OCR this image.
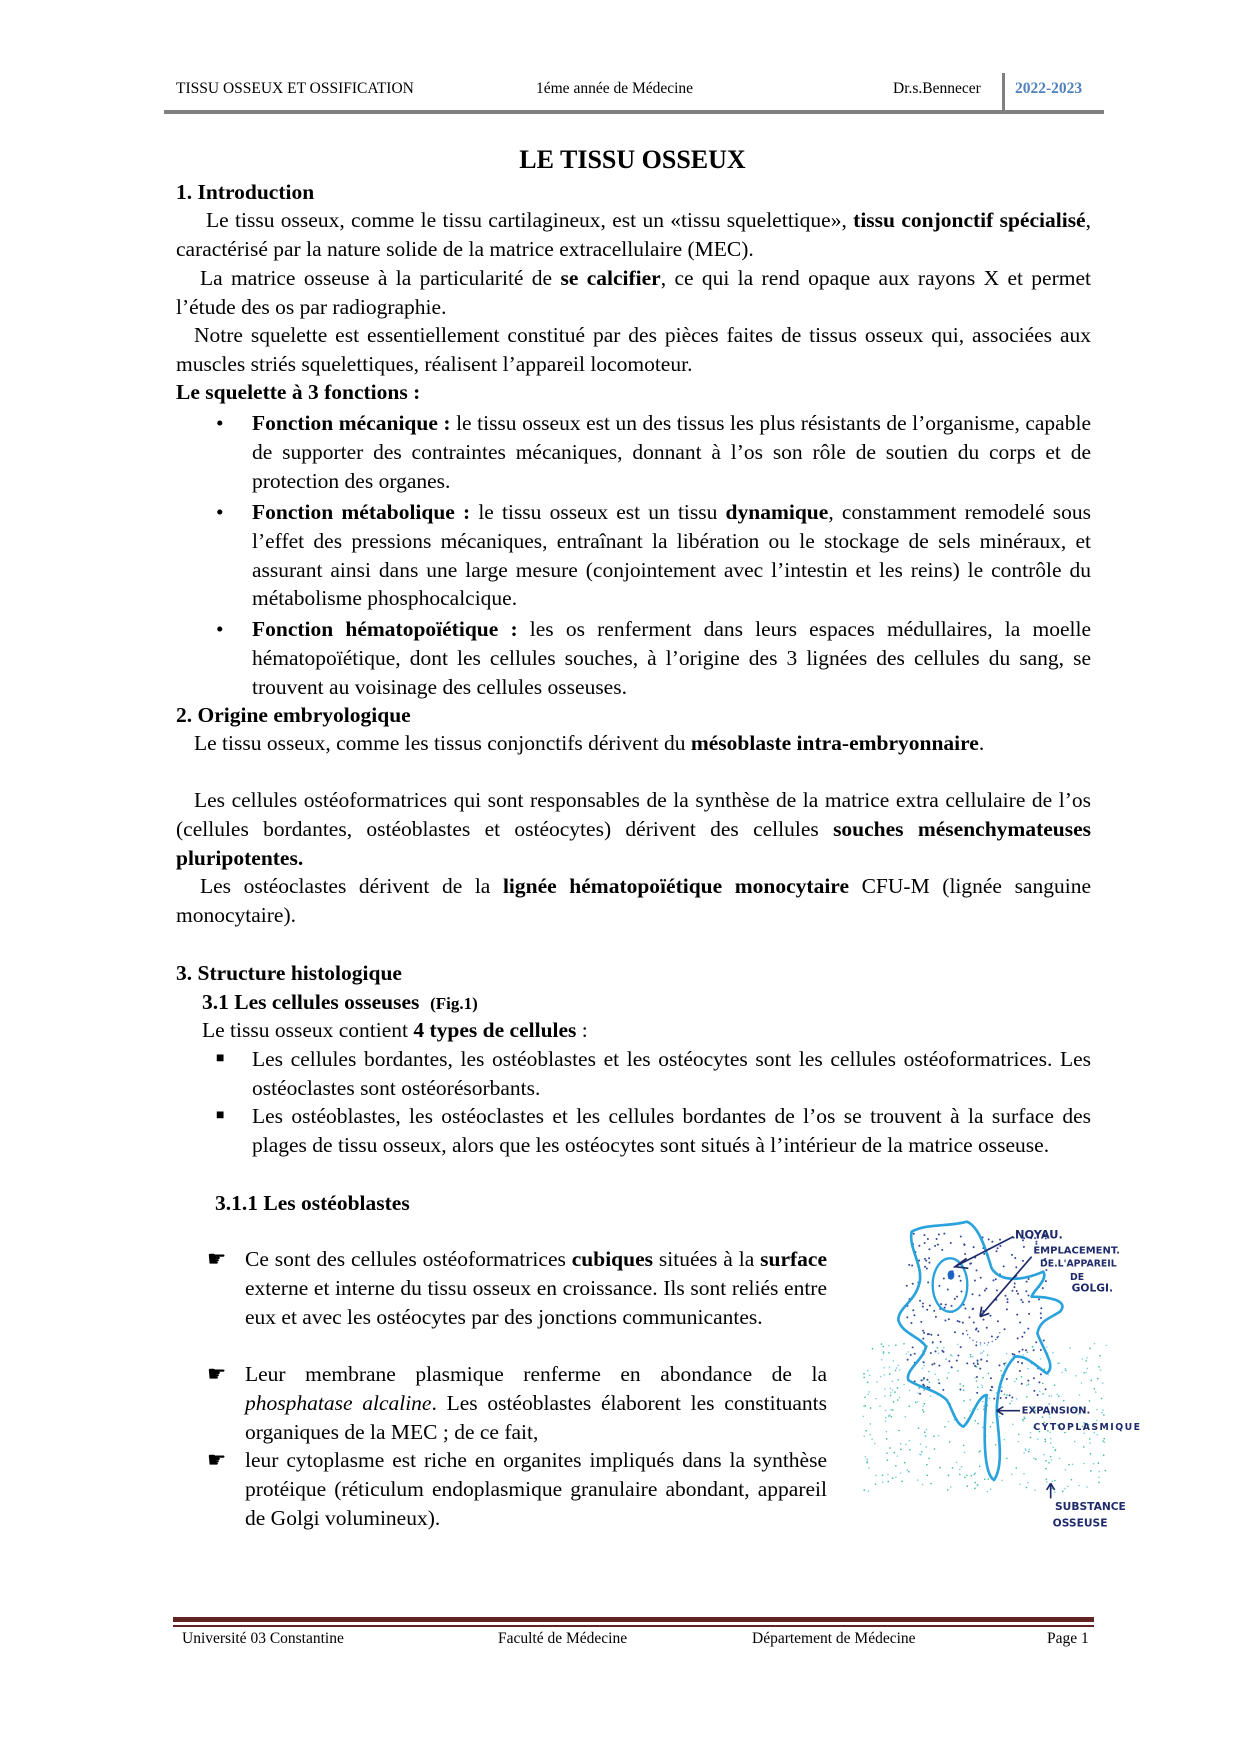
TISSU OSSEUX ET OSSIFICATION	1éme année de Médecine	Dr.s.Bennecer 2022-2023
LE TISSU OSSEUX
1. Introduction
Le tissu osseux, comme le tissu cartilagineux, est un «tissu squelettique», tissu conjonctif spécialisé, caractérisé par la nature solide de la matrice extracellulaire (MEC).
La matrice osseuse à la particularité de se calcifier, ce qui la rend opaque aux rayons X et permet l’étude des os par radiographie.
Notre squelette est essentiellement constitué par des pièces faites de tissus osseux qui, associées aux muscles striés squelettiques, réalisent l’appareil locomoteur.
Le squelette à 3 fonctions :
• Fonction mécanique : le tissu osseux est un des tissus les plus résistants de l’organisme, capable de supporter des contraintes mécaniques, donnant à l’os son rôle de soutien du corps et de protection des organes.
• Fonction métabolique : le tissu osseux est un tissu dynamique, constamment remodelé sous l’effet des pressions mécaniques, entraînant la libération ou le stockage de sels minéraux, et assurant ainsi dans une large mesure (conjointement avec l’intestin et les reins) le contrôle du métabolisme phosphocalcique.
• Fonction hématopoïétique : les os renferment dans leurs espaces médullaires, la moelle hématopoïétique, dont les cellules souches, à l’origine des 3 lignées des cellules du sang, se trouvent au voisinage des cellules osseuses.
2. Origine embryologique
Le tissu osseux, comme les tissus conjonctifs dérivent du mésoblaste intra-embryonnaire.
Les cellules ostéoformatrices qui sont responsables de la synthèse de la matrice extra cellulaire de l’os (cellules bordantes, ostéoblastes et ostéocytes) dérivent des cellules souches mésenchymateuses pluripotentes.
Les ostéoclastes dérivent de la lignée hématopoïétique monocytaire CFU-M (lignée sanguine monocytaire).
3. Structure histologique
3.1 Les cellules osseuses (Fig.1)
Le tissu osseux contient 4 types de cellules :
■ Les cellules bordantes, les ostéoblastes et les ostéocytes sont les cellules ostéoformatrices. Les ostéoclastes sont ostéorésorbants.
■ Les ostéoblastes, les ostéoclastes et les cellules bordantes de l’os se trouvent à la surface des plages de tissu osseux, alors que les ostéocytes sont situés à l’intérieur de la matrice osseuse.
3.1.1 Les ostéoblastes
☛ Ce sont des cellules ostéoformatrices cubiques situées à la surface externe et interne du tissu osseux en croissance. Ils sont reliés entre eux et avec les ostéocytes par des jonctions communicantes.
☛ Leur membrane plasmique renferme en abondance de la phosphatase alcaline. Les ostéoblastes élaborent les constituants organiques de la MEC ; de ce fait,
☛ leur cytoplasme est riche en organites impliqués dans la synthèse protéique (réticulum endoplasmique granulaire abondant, appareil de Golgi volumineux).
NOYAU.
EMPLACEMENT.
DE.L'APPAREIL
DE
GOLGI.
EXPANSION.
CYTOPLASMIQUE
SUBSTANCE
OSSEUSE
Université 03 Constantine	Faculté de Médecine	Département de Médecine	Page 1
